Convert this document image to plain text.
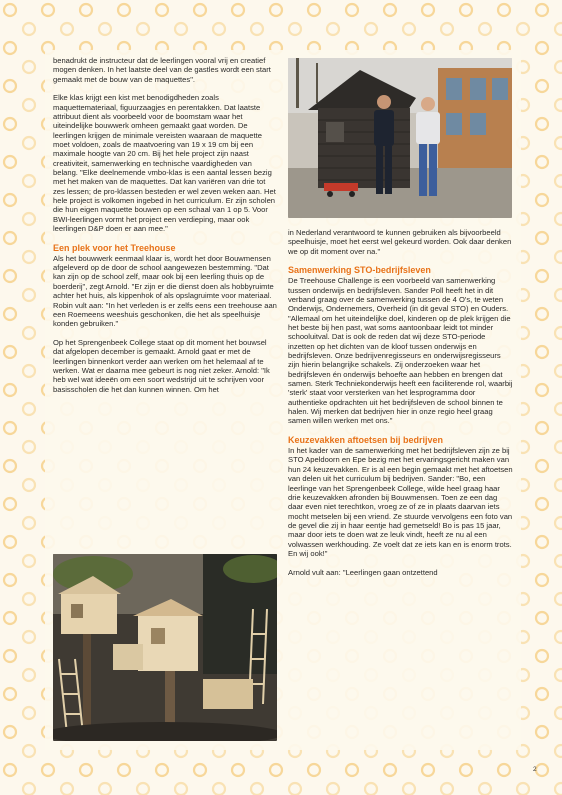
benadrukt de instructeur dat de leerlingen vooral vrij en creatief mogen denken. In het laatste deel van de gastles wordt een start gemaakt met de bouw van de maquettes".

Elke klas krijgt een kist met benodigdheden zoals maquettemateriaal, figuurzaagjes en perentakken. Dat laatste attribuut dient als voorbeeld voor de boomstam waar het uiteindelijke bouwwerk omheen gemaakt gaat worden. De leerlingen krijgen de minimale vereisten waaraan de maquette moet voldoen, zoals de maatvoering van 19 x 19 cm bij een maximale hoogte van 20 cm. Bij het hele project zijn naast creativiteit, samenwerking en technische vaardigheden van belang. "Elke deelnemende vmbo-klas is een aantal lessen bezig met het maken van de maquettes. Dat kan variëren van drie tot zes lessen; de pro-klassen besteden er wel zeven weken aan. Het hele project is volkomen ingebed in het curriculum. Er zijn scholen die hun eigen maquette bouwen op een schaal van 1 op 5. Voor BWI-leerlingen vormt het project een verdieping, maar ook leerlingen D&P doen er aan mee."

Een plek voor het Treehouse

Als het bouwwerk eenmaal klaar is, wordt het door Bouwmensen afgeleverd op de door de school aangewezen bestemming. "Dat kan zijn op de school zelf, maar ook bij een leerling thuis op de boerderij", zegt Arnold. "Er zijn er die dienst doen als hobbyruimte achter het huis, als kippenhok of als opslagruimte voor materiaal. Robin vult aan: "In het verleden is er zelfs eens een treehouse aan een Roemeens weeshuis geschonken, die het als speelhuisje konden gebruiken."

Op het Sprengenbeek College staat op dit moment het bouwsel dat afgelopen december is gemaakt. Arnold gaat er met de leerlingen binnenkort verder aan werken om het helemaal af te werken. Wat er daarna mee gebeurt is nog niet zeker. Arnold: "Ik heb wel wat ideeën om een soort wedstrijd uit te schrijven voor basisscholen die het dan kunnen winnen. Om het

in Nederland verantwoord te kunnen gebruiken als bijvoorbeeld speelhuisje, moet het eerst wel gekeurd worden. Ook daar denken we op dit moment over na."

Samenwerking STO-bedrijfsleven

De Treehouse Challenge is een voorbeeld van samenwerking tussen onderwijs en bedrijfsleven. Sander Poll heeft het in dit verband graag over de samenwerking tussen de 4 O's, te weten Onderwijs, Ondernemers, Overheid (in dit geval STO) en Ouders. "Allemaal om het uiteindelijke doel, kinderen op de plek krijgen die het beste bij hen past, wat soms aantoonbaar leidt tot minder schooluitval. Dat is ook de reden dat wij deze STO-periode inzetten op het dichten van de kloof tussen onderwijs en bedrijfsleven. Onze bedrijvenregisseurs en onderwijsregisseurs zijn hierin belangrijke schakels. Zij onderzoeken waar het bedrijfsleven én onderwijs behoefte aan hebben en brengen dat samen. Sterk Techniekonderwijs heeft een faciliterende rol, waarbij 'sterk' staat voor versterken van het lesprogramma door authentieke opdrachten uit het bedrijfsleven de school binnen te halen. Wij merken dat bedrijven hier in onze regio heel graag samen willen werken met ons."

Keuzevakken aftoetsen bij bedrijven

In het kader van de samenwerking met het bedrijfsleven zijn ze bij STO Apeldoorn en Epe bezig met het ervaringsgericht maken van hun 24 keuzevakken. Er is al een begin gemaakt met het aftoetsen van delen uit het curriculum bij bedrijven. Sander: "Bo, een leerlinge van het Sprengenbeek College, wilde heel graag haar drie keuzevakken afronden bij Bouwmensen. Toen ze een dag daar even niet terechtkon, vroeg ze of ze in plaats daarvan iets mocht metselen bij een vriend. Ze stuurde vervolgens een foto van de gevel die zij in haar eentje had gemetseld! Bo is pas 15 jaar, maar door iets te doen wat ze leuk vindt, heeft ze nu al een volwassen werkhouding. Ze voelt dat ze iets kan en is enorm trots. En wij ook!"

Arnold vult aan: "Leerlingen gaan ontzettend

2
